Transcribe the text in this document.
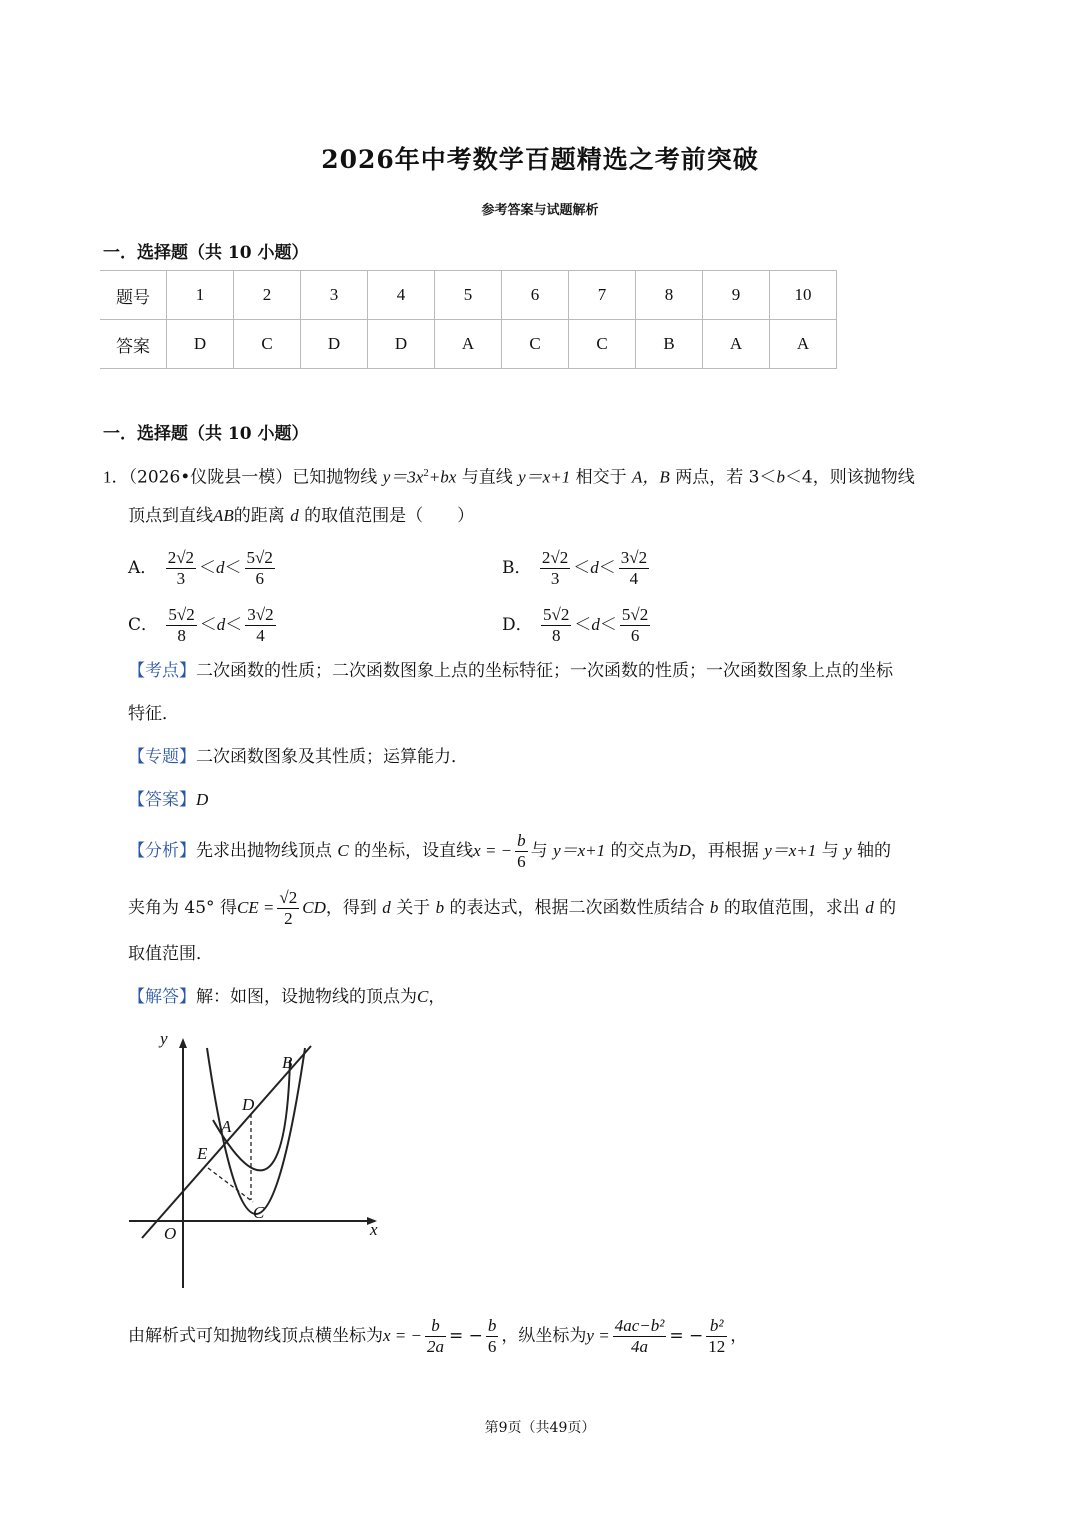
2026年中考数学百题精选之考前突破
参考答案与试题解析
一．选择题（共 10 小题）
题号	1	2	3	4	5	6	7	8	9	10
答案	D	C	D	D	A	C	C	B	A	A
一．选择题（共 10 小题）
1．（2026•仪陇县一模）已知抛物线 $y=3x^2+bx$ 与直线 y＝x+1 相交于 A，B 两点，若 3＜b＜4，则该抛物线
顶点到直线AB的距离 d 的取值范围是（　　）
A． $\frac{2√2}{3} <d< \frac{5√2}{6}$	B． $\frac{2√2}{3} <d< \frac{3√2}{4}$
C． $\frac{5√2}{8} <d< \frac{3√2}{4}$	D． $\frac{5√2}{8} <d< \frac{5√2}{6}$
【考点】二次函数的性质；二次函数图象上点的坐标特征；一次函数的性质；一次函数图象上点的坐标
特征．
【专题】二次函数图象及其性质；运算能力．
【答案】D
【分析】先求出抛物线顶点 C 的坐标，设直线x = − $\frac{b}{6}$ 与 y＝x+1 的交点为D，再根据 y＝x+1 与 y 轴的
夹角为 45° 得CE = $\frac{√2}{2}$ CD，得到 d 关于 b 的表达式，根据二次函数性质结合 b 的取值范围，求出 d 的
取值范围．
【解答】解：如图，设抛物线的顶点为C，
y
x
O
A
B
C
D
E
由解析式可知抛物线顶点横坐标为x = − $\frac{b}{2a}$ = − $\frac{b}{6}$ ，纵坐标为$y = \frac{\text{4ac−b²}}{4a}$ = − $\frac{\text{b²}}{12}$ ，
第9页（共49页）
